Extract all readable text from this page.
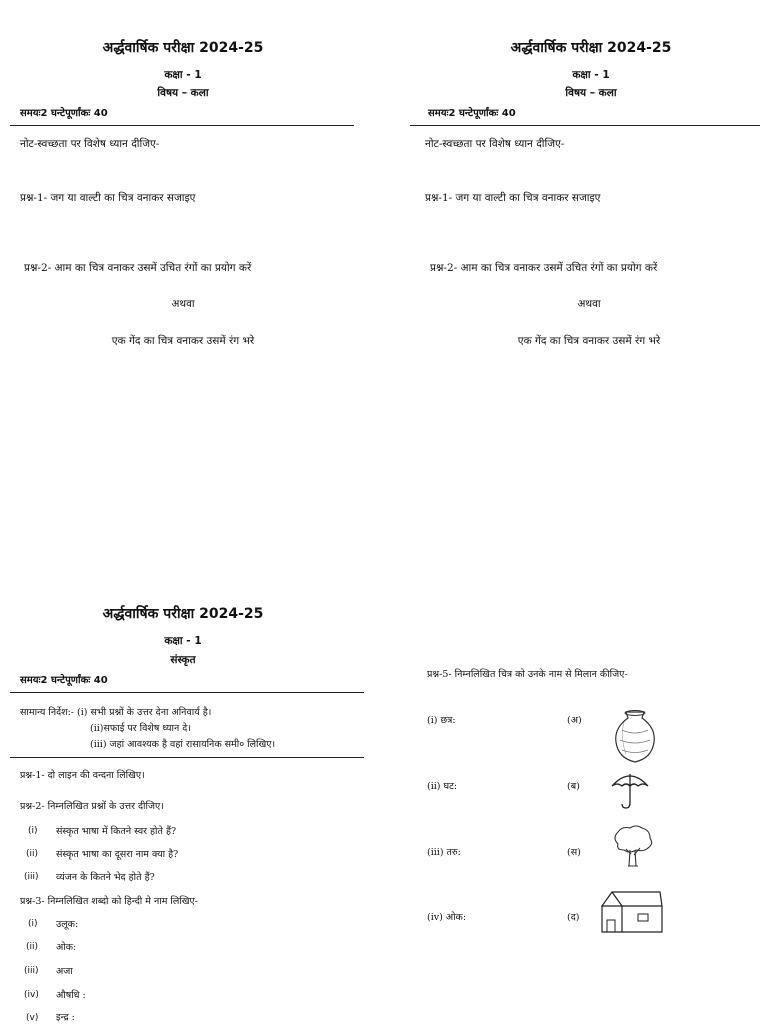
अर्द्धवार्षिक परीक्षा 2024-25
कक्षा - 1
विषय – कला
समयः2 घन्टेपूर्णांकः 40
नोट-स्वच्छता पर विशेष ध्यान दीजिए-
प्रश्न-1- जग या वाल्टी का चित्र वनाकर सजाइए
प्रश्न-2- आम का चित्र वनाकर उसमें उचित रंगों का प्रयोग करें
अथवा
एक गेंद का चित्र वनाकर उसमें रंग भरे
अर्द्धवार्षिक परीक्षा 2024-25
कक्षा - 1
विषय – कला
समयः2 घन्टेपूर्णांकः 40
नोट-स्वच्छता पर विशेष ध्यान दीजिए-
प्रश्न-1- जग या वाल्टी का चित्र वनाकर सजाइए
प्रश्न-2- आम का चित्र वनाकर उसमें उचित रंगों का प्रयोग करें
अथवा
एक गेंद का चित्र वनाकर उसमें रंग भरे
अर्द्धवार्षिक परीक्षा 2024-25
कक्षा - 1
संस्कृत
समयः2 घन्टेपूर्णांकः 40
सामान्य निर्देश:- (i) सभी प्रश्नों के उत्तर देना अनिवार्य है।
(ii)सफाई पर विशेष ध्यान दे।
(iii) जहां आवश्यक है वहां रासायनिक समी० लिखिए।
प्रश्न-1- दो लाइन की वन्दना लिखिए।
प्रश्न-2- निम्नलिखित प्रश्नों के उत्तर दीजिए।
(i) संस्कृत भाषा में कितने स्वर होते हैं?
(ii) संस्कृत भाषा का दूसरा नाम क्या है?
(iii) व्यंजन के कितने भेद होते हैं?
प्रश्न-3- निम्नलिखित शब्दो को हिन्दी मे नाम लिखिए-
(i) उलूक:
(ii) ओक:
(iii) अजा
(iv) औषधि :
(v) इन्द्र :
प्रश्न-5- निम्नलिखित चित्र को उनके नाम से मिलान कीजिए-
(i) छत्र:	(अ)
(ii) घट:	(ब)
(iii) तरु:	(स)
(iv) ओक:	(द)
